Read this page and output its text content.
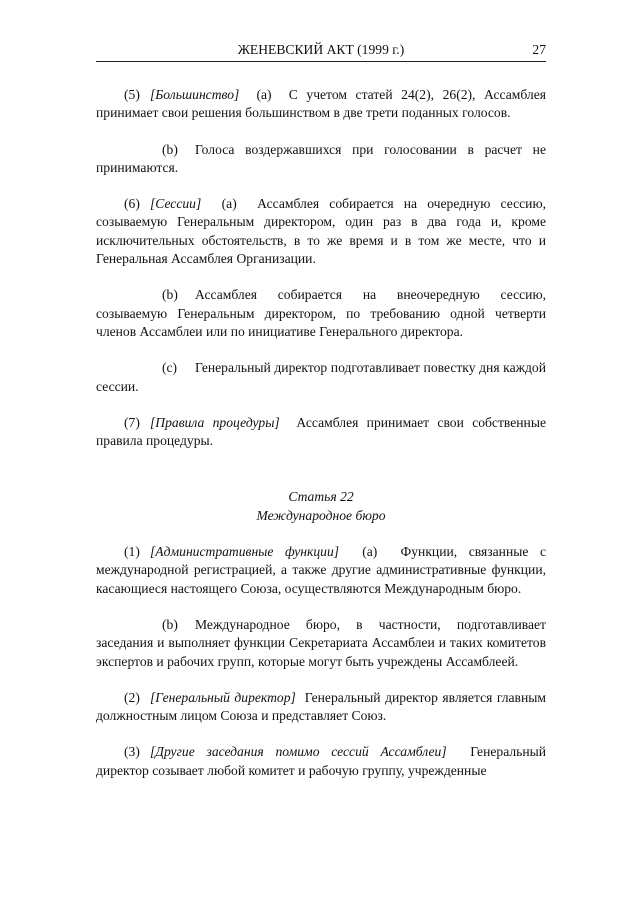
ЖЕНЕВСКИЙ АКТ (1999 г.)	27

(5) [Большинство] (a) С учетом статей 24(2), 26(2), Ассамблея принимает свои решения большинством в две трети поданных голосов.

(b) Голоса воздержавшихся при голосовании в расчет не принимаются.

(6) [Сессии] (a) Ассамблея собирается на очередную сессию, созываемую Генеральным директором, один раз в два года и, кроме исключительных обстоятельств, в то же время и в том же месте, что и Генеральная Ассамблея Организации.

(b) Ассамблея собирается на внеочередную сессию, созываемую Генеральным директором, по требованию одной четверти членов Ассамблеи или по инициативе Генерального директора.

(c) Генеральный директор подготавливает повестку дня каждой сессии.

(7) [Правила процедуры] Ассамблея принимает свои собственные правила процедуры.

Статья 22
Международное бюро

(1) [Административные функции] (a) Функции, связанные с международной регистрацией, а также другие административные функции, касающиеся настоящего Союза, осуществляются Международным бюро.

(b) Международное бюро, в частности, подготавливает заседания и выполняет функции Секретариата Ассамблеи и таких комитетов экспертов и рабочих групп, которые могут быть учреждены Ассамблеей.

(2) [Генеральный директор] Генеральный директор является главным должностным лицом Союза и представляет Союз.

(3) [Другие заседания помимо сессий Ассамблеи] Генеральный директор созывает любой комитет и рабочую группу, учрежденные
